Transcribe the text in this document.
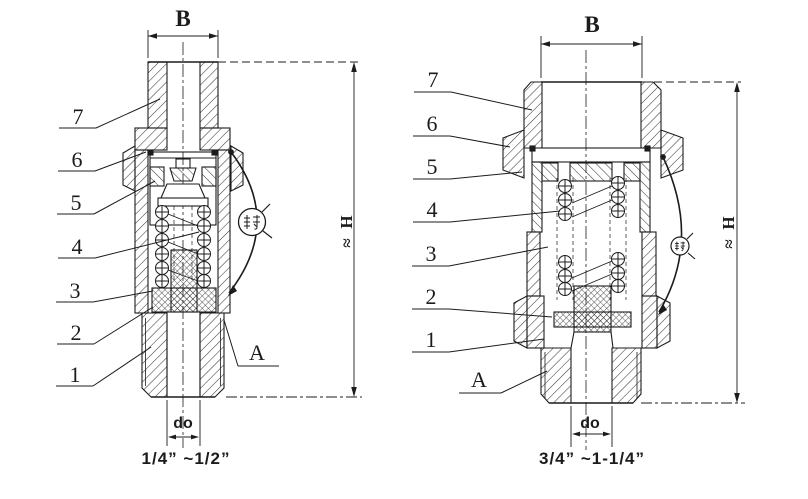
B
H
≈
do
A
7
6
5
4
3
2
1
1/4” ~1/2”
B
H
≈
do
A
7
6
5
4
3
2
1
3/4” ~1-1/4”
